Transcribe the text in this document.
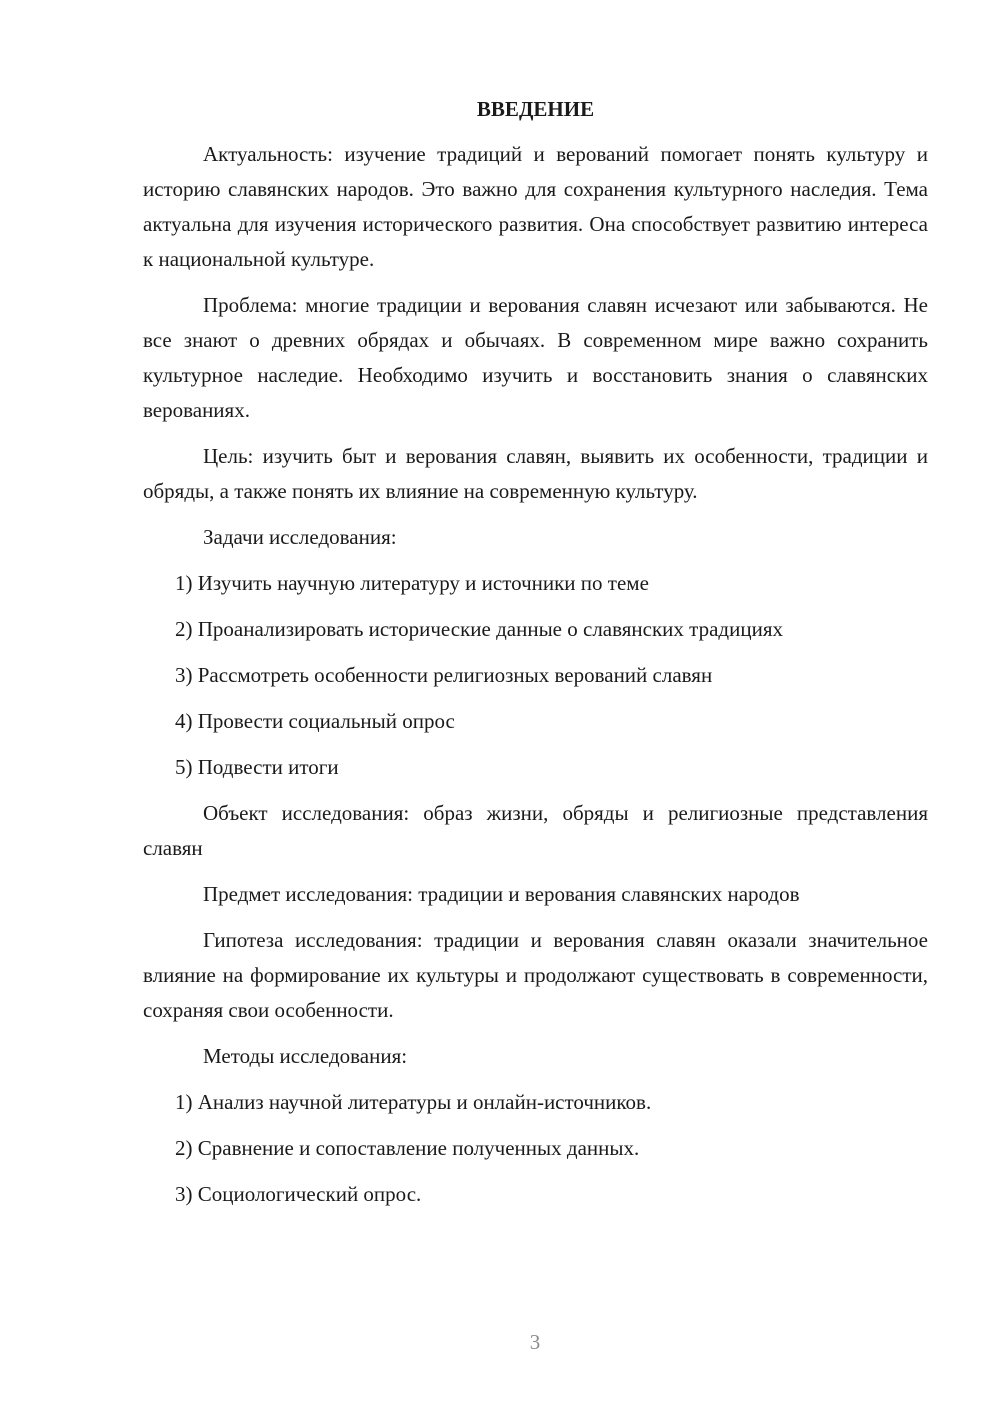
ВВЕДЕНИЕ

Актуальность: изучение традиций и верований помогает понять культуру и историю славянских народов. Это важно для сохранения культурного наследия. Тема актуальна для изучения исторического развития. Она способствует развитию интереса к национальной культуре.

Проблема: многие традиции и верования славян исчезают или забываются. Не все знают о древних обрядах и обычаях. В современном мире важно сохранить культурное наследие. Необходимо изучить и восстановить знания о славянских верованиях.

Цель: изучить быт и верования славян, выявить их особенности, традиции и обряды, а также понять их влияние на современную культуру.

Задачи исследования:

1) Изучить научную литературу и источники по теме
2) Проанализировать исторические данные о славянских традициях
3) Рассмотреть особенности религиозных верований славян
4) Провести социальный опрос
5) Подвести итоги

Объект исследования: образ жизни, обряды и религиозные представления славян

Предмет исследования: традиции и верования славянских народов

Гипотеза исследования: традиции и верования славян оказали значительное влияние на формирование их культуры и продолжают существовать в современности, сохраняя свои особенности.

Методы исследования:

1) Анализ научной литературы и онлайн-источников.
2) Сравнение и сопоставление полученных данных.
3) Социологический опрос.
3
